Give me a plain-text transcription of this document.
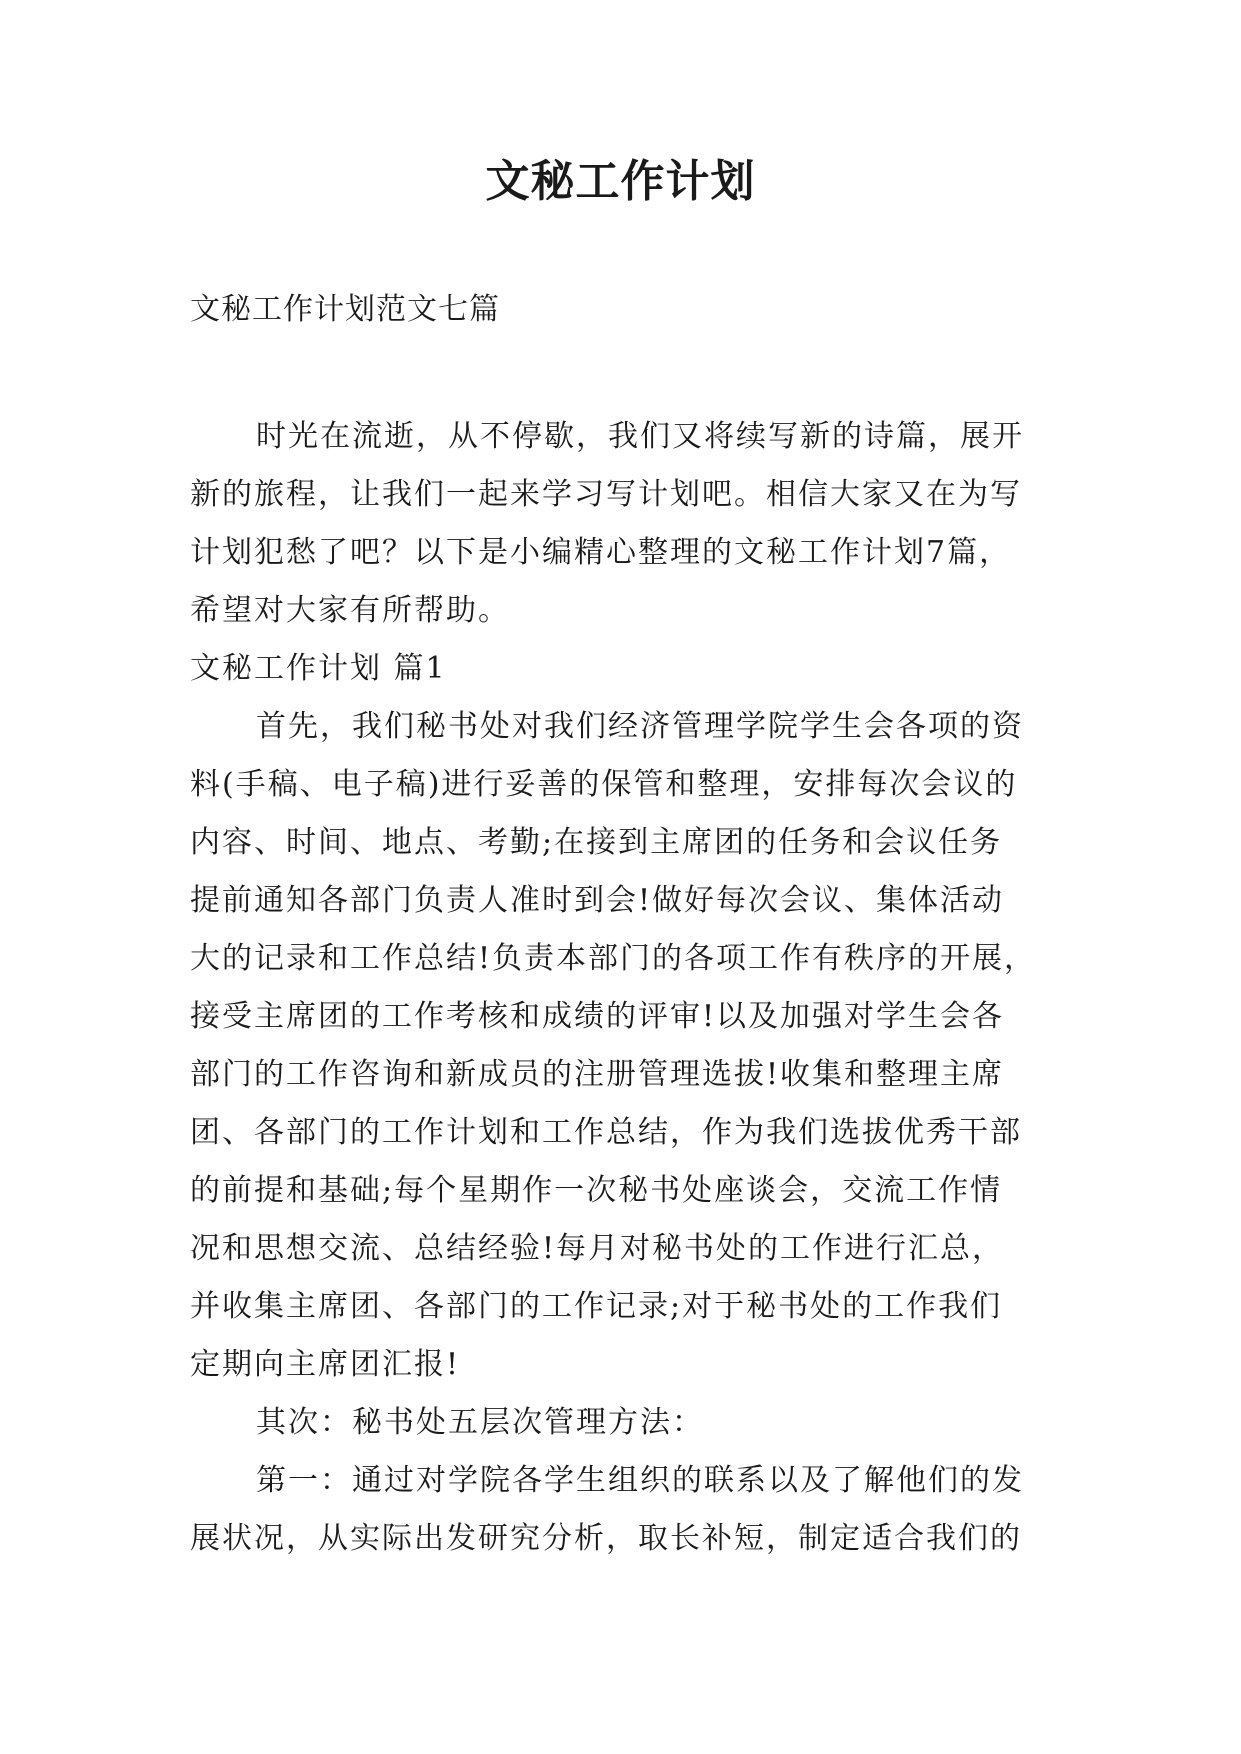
文秘工作计划
文秘工作计划范文七篇
时光在流逝，从不停歇，我们又将续写新的诗篇，展开
新的旅程，让我们一起来学习写计划吧。相信大家又在为写
计划犯愁了吧？以下是小编精心整理的文秘工作计划7篇，
希望对大家有所帮助。
文秘工作计划 篇1
首先，我们秘书处对我们经济管理学院学生会各项的资
料(手稿、电子稿)进行妥善的保管和整理，安排每次会议的
内容、时间、地点、考勤;在接到主席团的任务和会议任务
提前通知各部门负责人准时到会!做好每次会议、集体活动
大的记录和工作总结!负责本部门的各项工作有秩序的开展，
接受主席团的工作考核和成绩的评审!以及加强对学生会各
部门的工作咨询和新成员的注册管理选拔!收集和整理主席
团、各部门的工作计划和工作总结，作为我们选拔优秀干部
的前提和基础;每个星期作一次秘书处座谈会，交流工作情
况和思想交流、总结经验!每月对秘书处的工作进行汇总，
并收集主席团、各部门的工作记录;对于秘书处的工作我们
定期向主席团汇报!
其次：秘书处五层次管理方法：
第一：通过对学院各学生组织的联系以及了解他们的发
展状况，从实际出发研究分析，取长补短，制定适合我们的
